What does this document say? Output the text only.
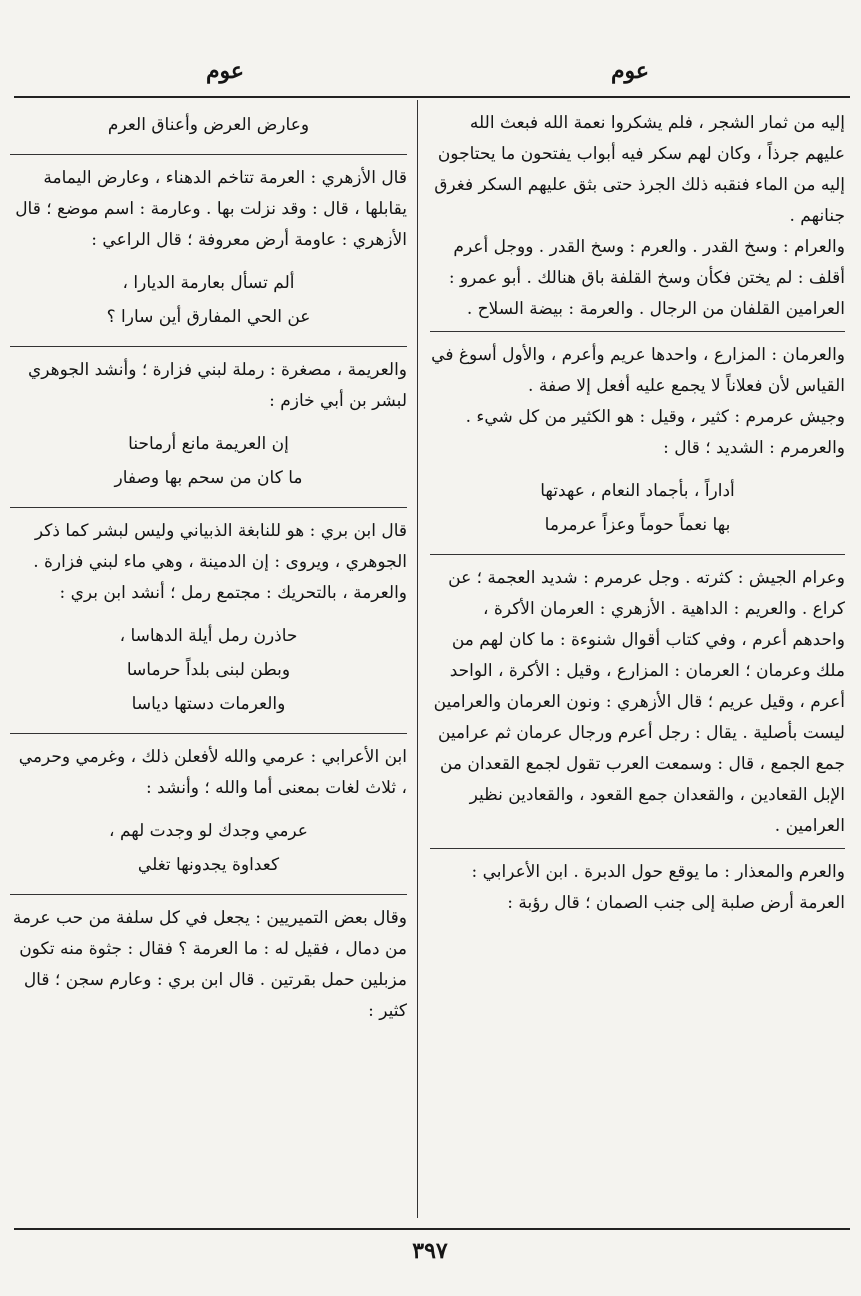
عوم
عوم

إليه من ثمار الشجر ، فلم يشكروا نعمة الله فبعث الله عليهم جرذاً ، وكان لهم سكر فيه أبواب يفتحون ما يحتاجون إليه من الماء فنقبه ذلك الجرذ حتى بثق عليهم السكر فغرق جنانهم .

والعرام : وسخ القدر . والعرم : وسخ القدر . ووجل أعرم أقلف : لم يختن فكأن وسخ القلفة باق هنالك . أبو عمرو : العرامين القلفان من الرجال . والعرمة : بيضة السلاح .

والعرمان : المزارع ، واحدها عريم وأعرم ، والأول أسوغ في القياس لأن فعلاناً لا يجمع عليه أفعل إلا صفة .

وجيش عرمرم : كثير ، وقيل : هو الكثير من كل شيء . والعرمرم : الشديد ؛ قال :

أداراً ، بأجماد النعام ، عهدتها
بها نعماً حوماً وعزاً عرمرما

وعرام الجيش : كثرته . وجل عرمرم : شديد العجمة ؛ عن كراع . والعريم : الداهية . الأزهري : العرمان الأكرة ، واحدهم أعرم ، وفي كتاب أقوال شنوءة : ما كان لهم من ملك وعرمان ؛ العرمان : المزارع ، وقيل : الأكرة ، الواحد أعرم ، وقيل عريم ؛ قال الأزهري : ونون العرمان والعرامين ليست بأصلية . يقال : رجل أعرم ورجال عرمان ثم عرامين جمع الجمع ، قال : وسمعت العرب تقول لجمع القعدان من الإبل القعادين ، والقعدان جمع القعود ، والقعادين نظير العرامين .

والعرم والمعذار : ما يوقع حول الدبرة . ابن الأعرابي : العرمة أرض صلبة إلى جنب الصمان ؛ قال رؤبة :

وعارض العرض وأعناق العرم

قال الأزهري : العرمة تتاخم الدهناء ، وعارض اليمامة يقابلها ، قال : وقد نزلت بها . وعارمة : اسم موضع ؛ قال الأزهري : عاومة أرض معروفة ؛ قال الراعي :

ألم تسأل بعارمة الديارا ،
عن الحي المفارق أين سارا ؟

والعريمة ، مصغرة : رملة لبني فزارة ؛ وأنشد الجوهري لبشر بن أبي خازم :

إن العريمة مانع أرماحنا
ما كان من سحم بها وصفار

قال ابن بري : هو للنابغة الذبياني وليس لبشر كما ذكر الجوهري ، ويروى : إن الدمينة ، وهي ماء لبني فزارة . والعرمة ، بالتحريك : مجتمع رمل ؛ أنشد ابن بري :

حاذرن رمل أيلة الدهاسا ،
وبطن لبنى بلداً حرماسا
والعرمات دستها دياسا

ابن الأعرابي : عرمي والله لأفعلن ذلك ، وغرمي وحرمي ، ثلاث لغات بمعنى أما والله ؛ وأنشد :

عرمي وجدك لو وجدت لهم ،
كعداوة يجدونها تغلي

وقال بعض التميريين : يجعل في كل سلفة من حب عرمة من دمال ، فقيل له : ما العرمة ؟ فقال : جثوة منه تكون مزبلين حمل بقرتين . قال ابن بري : وعارم سجن ؛ قال كثير :

٣٩٧
